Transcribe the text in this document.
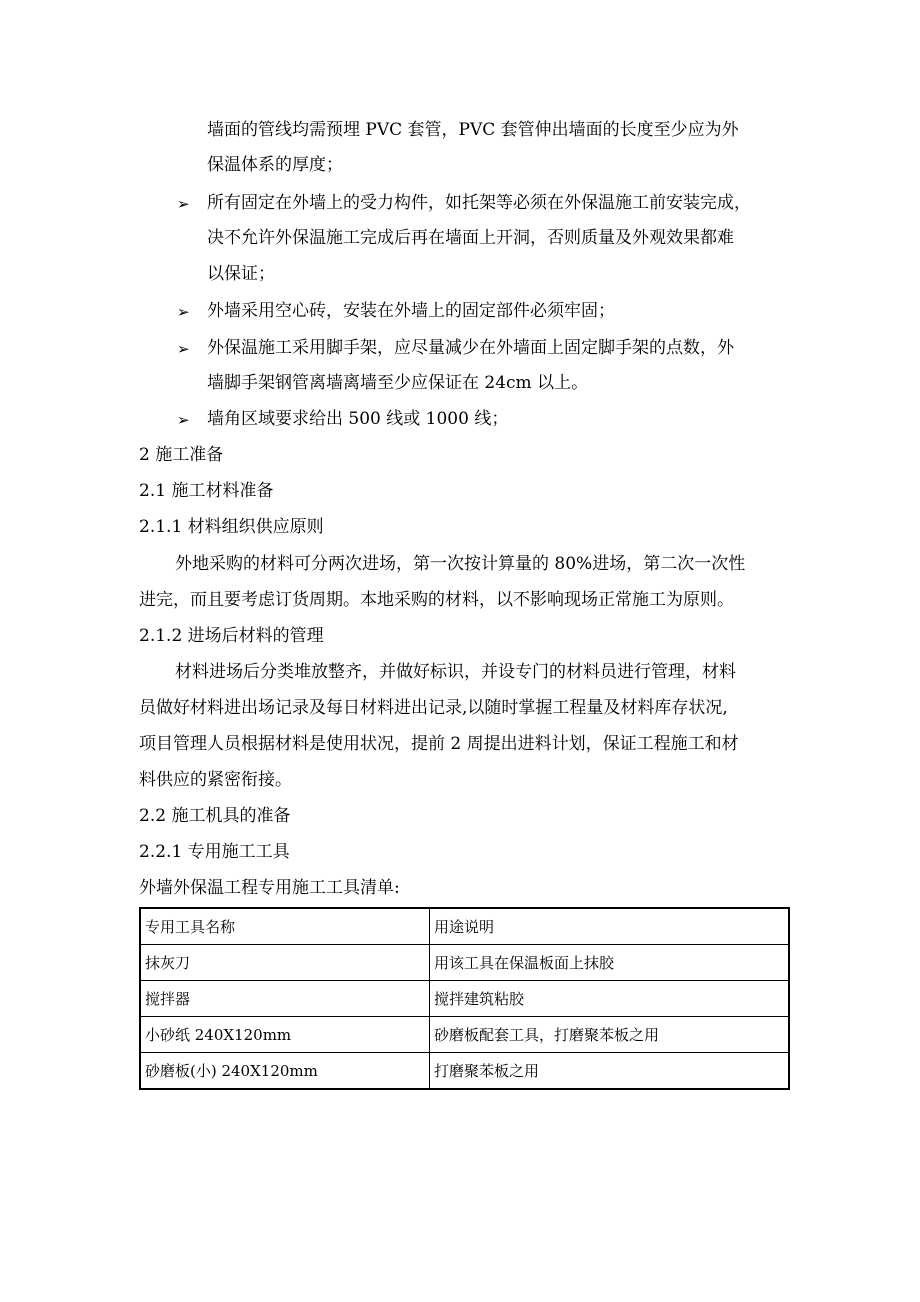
墙面的管线均需预埋 PVC 套管，PVC 套管伸出墙面的长度至少应为外
保温体系的厚度；
➢ 所有固定在外墙上的受力构件，如托架等必须在外保温施工前安装完成，
决不允许外保温施工完成后再在墙面上开洞，否则质量及外观效果都难
以保证；
➢ 外墙采用空心砖，安装在外墙上的固定部件必须牢固；
➢ 外保温施工采用脚手架，应尽量减少在外墙面上固定脚手架的点数，外
墙脚手架钢管离墙离墙至少应保证在 24cm 以上。
➢ 墙角区域要求给出 500 线或 1000 线；
2 施工准备
2.1 施工材料准备
2.1.1 材料组织供应原则
外地采购的材料可分两次进场，第一次按计算量的 80%进场，第二次一次性
进完，而且要考虑订货周期。本地采购的材料，以不影响现场正常施工为原则。
2.1.2 进场后材料的管理
材料进场后分类堆放整齐，并做好标识，并设专门的材料员进行管理，材料
员做好材料进出场记录及每日材料进出记录,以随时掌握工程量及材料库存状况,
项目管理人员根据材料是使用状况，提前 2 周提出进料计划，保证工程施工和材
料供应的紧密衔接。
2.2 施工机具的准备
2.2.1 专用施工工具
外墙外保温工程专用施工工具清单:
专用工具名称	用途说明
抹灰刀	用该工具在保温板面上抹胶
搅拌器	搅拌建筑粘胶
小砂纸 240X120mm	砂磨板配套工具，打磨聚苯板之用
砂磨板(小) 240X120mm	打磨聚苯板之用
